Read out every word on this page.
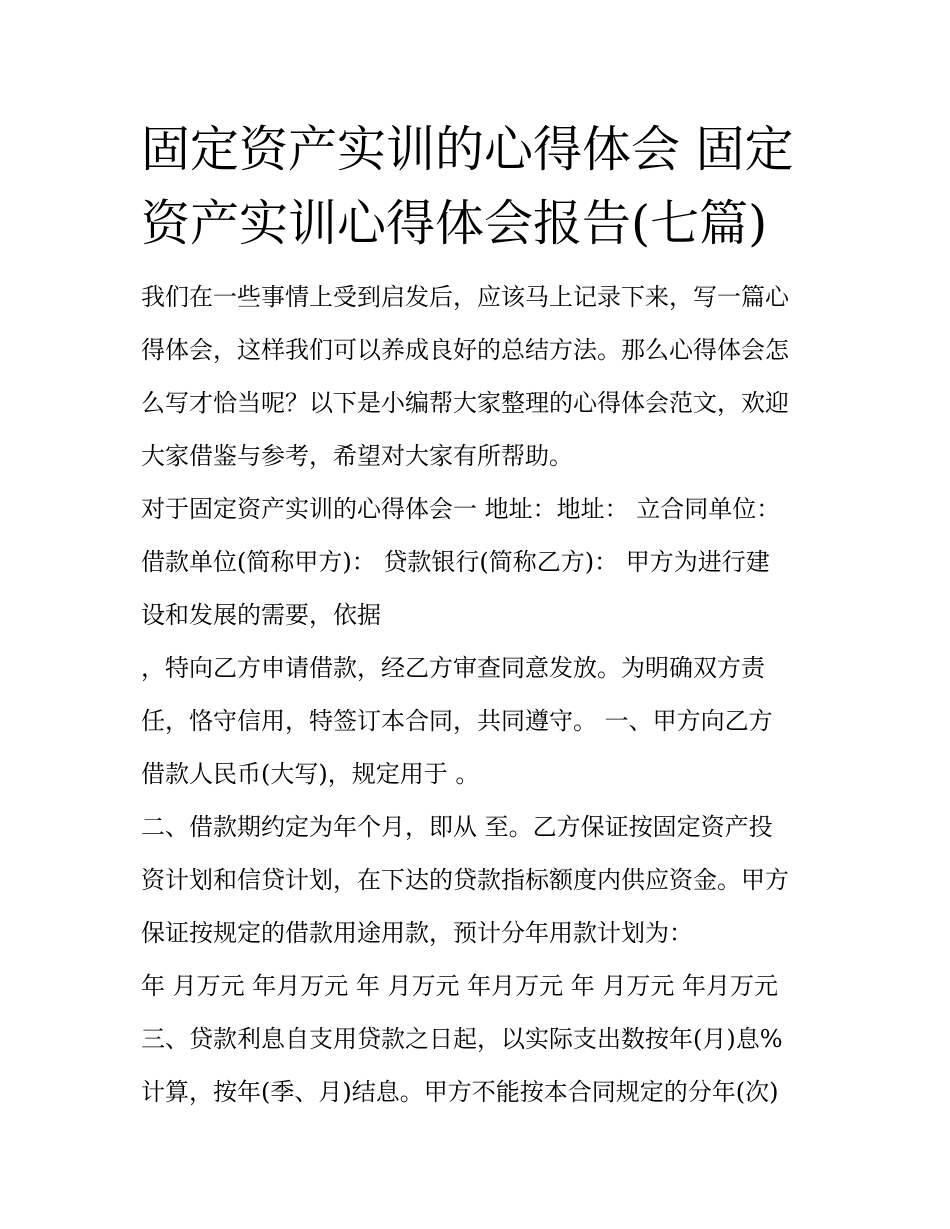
固定资产实训的心得体会 固定
资产实训心得体会报告(七篇)
我们在一些事情上受到启发后，应该马上记录下来，写一篇心
得体会，这样我们可以养成良好的总结方法。那么心得体会怎
么写才恰当呢？以下是小编帮大家整理的心得体会范文，欢迎
大家借鉴与参考，希望对大家有所帮助。
对于固定资产实训的心得体会一 地址：地址： 立合同单位：
借款单位(简称甲方)： 贷款银行(简称乙方)： 甲方为进行建
设和发展的需要，依据
，特向乙方申请借款，经乙方审查同意发放。为明确双方责
任，恪守信用，特签订本合同，共同遵守。 一、甲方向乙方
借款人民币(大写)，规定用于 。
二、借款期约定为年个月，即从 至。乙方保证按固定资产投
资计划和信贷计划，在下达的贷款指标额度内供应资金。甲方
保证按规定的借款用途用款，预计分年用款计划为：
年 月万元 年月万元 年 月万元 年月万元 年 月万元 年月万元
三、贷款利息自支用贷款之日起，以实际支出数按年(月)息%
计算，按年(季、月)结息。甲方不能按本合同规定的分年(次)
